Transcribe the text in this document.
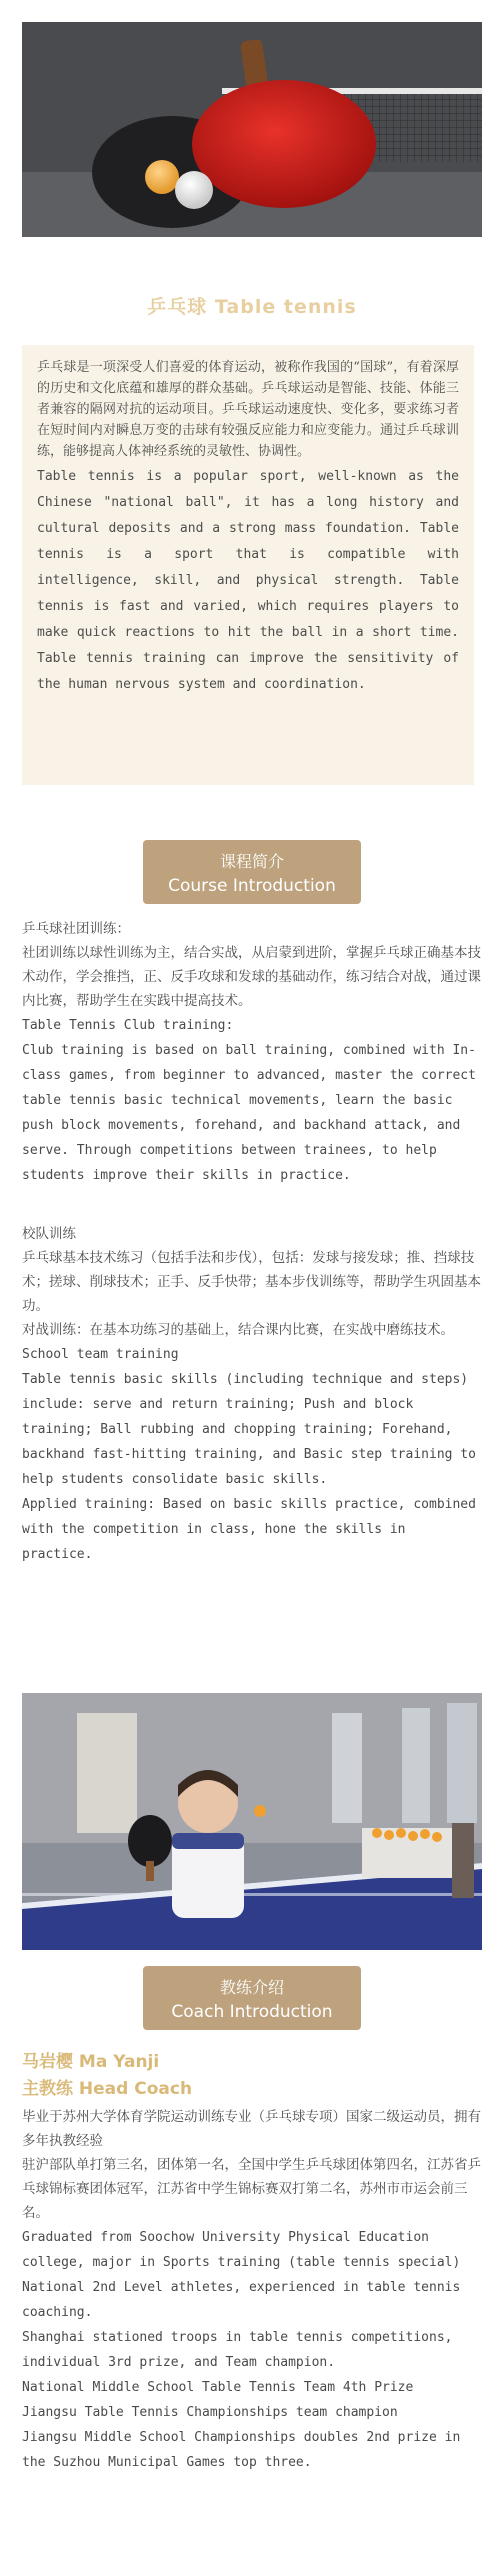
乒乓球 Table tennis
乒乓球是一项深受人们喜爱的体育运动，被称作我国的“国球”，有着深厚的历史和文化底蕴和雄厚的群众基础。乒乓球运动是智能、技能、体能三者兼容的隔网对抗的运动项目。乒乓球运动速度快、变化多，要求练习者在短时间内对瞬息万变的击球有较强反应能力和应变能力。通过乒乓球训练，能够提高人体神经系统的灵敏性、协调性。
Table tennis is a popular sport, well-known as the Chinese "national ball", it has a long history and cultural deposits and a strong mass foundation. Table tennis is a sport that is compatible with intelligence, skill, and physical strength. Table tennis is fast and varied, which requires players to make quick reactions to hit the ball in a short time. Table tennis training can improve the sensitivity of the human nervous system and coordination.
课程简介
Course Introduction
乒乓球社团训练：
社团训练以球性训练为主，结合实战，从启蒙到进阶，掌握乒乓球正确基本技术动作，学会推挡，正、反手攻球和发球的基础动作，练习结合对战，通过课内比赛，帮助学生在实践中提高技术。
Table Tennis Club training:
Club training is based on ball training, combined with In-class games, from beginner to advanced, master the correct table tennis basic technical movements, learn the basic push block movements, forehand, and backhand attack, and serve. Through competitions between trainees, to help students improve their skills in practice.
校队训练
乒乓球基本技术练习（包括手法和步伐），包括：发球与接发球；推、挡球技术；搓球、削球技术；正手、反手快带；基本步伐训练等，帮助学生巩固基本功。
对战训练：在基本功练习的基础上，结合课内比赛，在实战中磨练技术。
School team training
Table tennis basic skills (including technique and steps) include: serve and return training; Push and block training; Ball rubbing and chopping training; Forehand, backhand fast-hitting training, and Basic step training to help students consolidate basic skills.
Applied training: Based on basic skills practice, combined with the competition in class, hone the skills in practice.
教练介绍
Coach Introduction
马岩樱 Ma Yanji
主教练 Head Coach
毕业于苏州大学体育学院运动训练专业（乒乓球专项）国家二级运动员，拥有多年执教经验
驻沪部队单打第三名，团体第一名，全国中学生乒乓球团体第四名，江苏省乒乓球锦标赛团体冠军，江苏省中学生锦标赛双打第二名，苏州市市运会前三名。
Graduated from Soochow University Physical Education college, major in Sports training (table tennis special) National 2nd Level athletes, experienced in table tennis coaching.
Shanghai stationed troops in table tennis competitions, individual 3rd prize, and Team champion.
National Middle School Table Tennis Team 4th Prize
Jiangsu Table Tennis Championships team champion
Jiangsu Middle School Championships doubles 2nd prize in the Suzhou Municipal Games top three.
